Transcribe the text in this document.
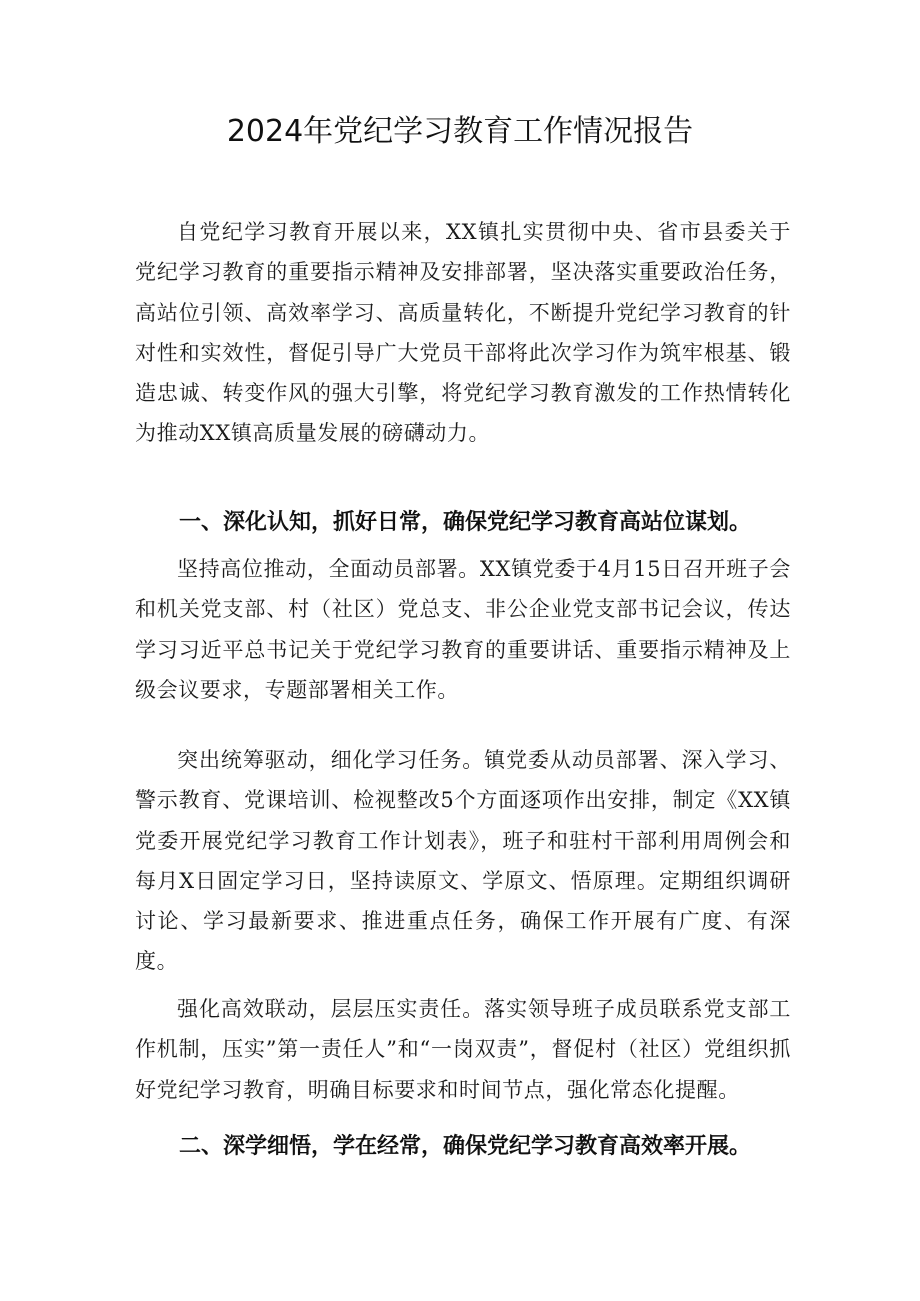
2024年党纪学习教育工作情况报告

自党纪学习教育开展以来，XX镇扎实贯彻中央、省市县委关于党纪学习教育的重要指示精神及安排部署，坚决落实重要政治任务，高站位引领、高效率学习、高质量转化，不断提升党纪学习教育的针对性和实效性，督促引导广大党员干部将此次学习作为筑牢根基、锻造忠诚、转变作风的强大引擎，将党纪学习教育激发的工作热情转化为推动XX镇高质量发展的磅礴动力。

一、深化认知，抓好日常，确保党纪学习教育高站位谋划。

坚持高位推动，全面动员部署。XX镇党委于4月15日召开班子会和机关党支部、村（社区）党总支、非公企业党支部书记会议，传达学习习近平总书记关于党纪学习教育的重要讲话、重要指示精神及上级会议要求，专题部署相关工作。

突出统筹驱动，细化学习任务。镇党委从动员部署、深入学习、警示教育、党课培训、检视整改5个方面逐项作出安排，制定《XX镇党委开展党纪学习教育工作计划表》，班子和驻村干部利用周例会和每月X日固定学习日，坚持读原文、学原文、悟原理。定期组织调研讨论、学习最新要求、推进重点任务，确保工作开展有广度、有深度。

强化高效联动，层层压实责任。落实领导班子成员联系党支部工作机制，压实”第一责任人”和“一岗双责”，督促村（社区）党组织抓好党纪学习教育，明确目标要求和时间节点，强化常态化提醒。

二、深学细悟，学在经常，确保党纪学习教育高效率开展。
